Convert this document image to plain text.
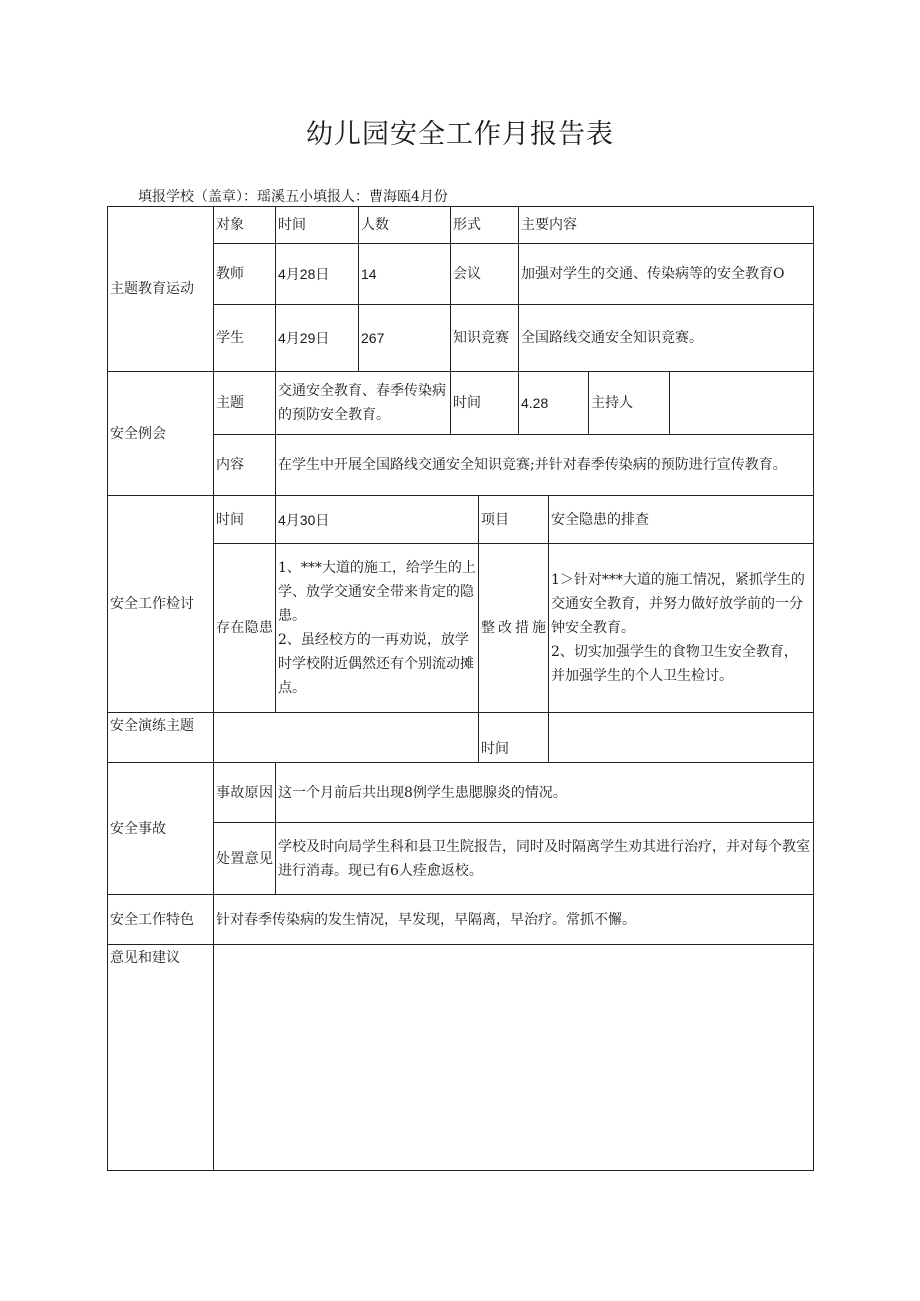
幼儿园安全工作月报告表
填报学校（盖章）：瑶溪五小填报人：曹海瓯4月份
主题教育运动	对象	时间	人数	形式		主要内容			
	教师	4月28日	14	会议		加强对学生的交通、传染病等的安全教育O			
	学生	4月29日	267	知识竞赛		全国路线交通安全知识竞赛。			
安全例会	主题	交通安全教育、春季传染病的预防安全教育。		时间		4.28		主持人	
	内容	在学生中开展全国路线交通安全知识竞赛;并针对春季传染病的预防进行宣传教育。							
安全工作检讨	时间	4月30日			项目		安全隐患的排查		
	存在隐患	1、***大道的施工，给学生的上学、放学交通安全带来肯定的隐患。
2、虽经校方的一再劝说，放学时学校附近偶然还有个别流动摊点。			整改措施		1＞针对***大道的施工情况，紧抓学生的交通安全教育，并努力做好放学前的一分钟安全教育。
2、切实加强学生的食物卫生安全教育，并加强学生的个人卫生检讨。		
安全演练主题					时间				
安全事故	事故原因	这一个月前后共出现8例学生患腮腺炎的情况。							
	处置意见	学校及时向局学生科和县卫生院报告，同时及时隔离学生劝其进行治疗，并对每个教室进行消毒。现已有6人痊愈返校。							
安全工作特色	针对春季传染病的发生情况，早发现，早隔离，早治疗。常抓不懈。								
意见和建议									
